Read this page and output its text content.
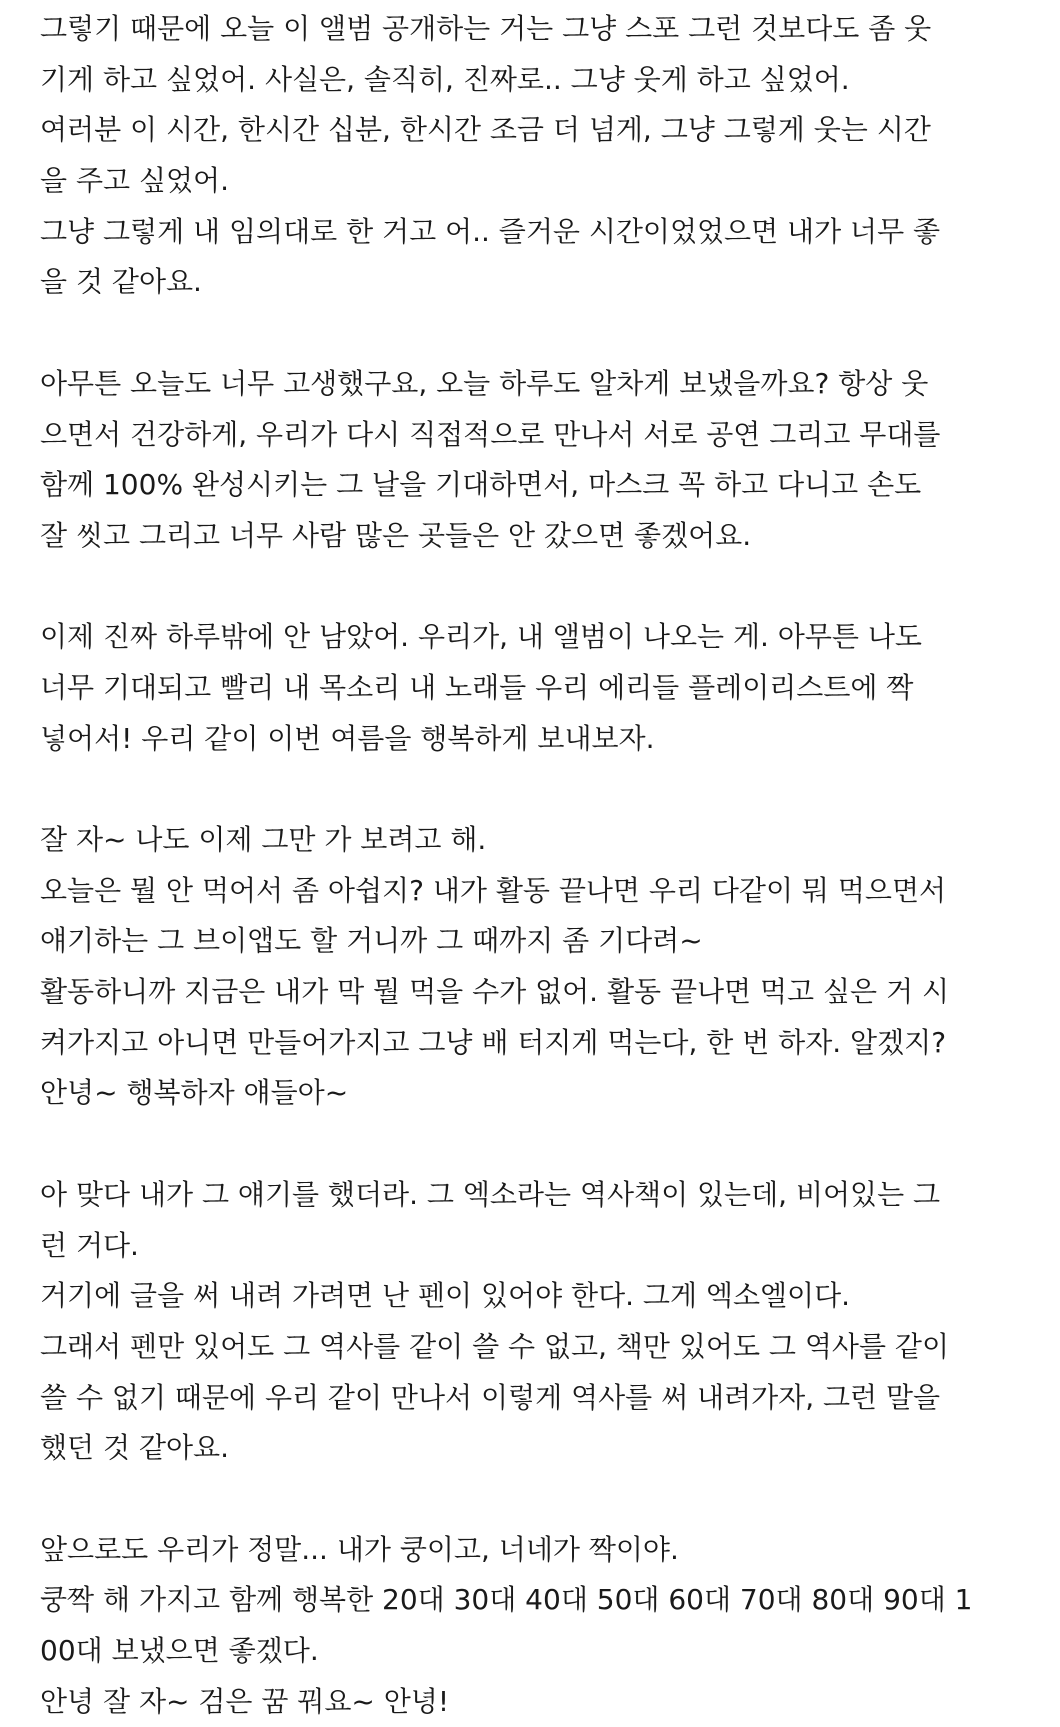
그렇기 때문에 오늘 이 앨범 공개하는 거는 그냥 스포 그런 것보다도 좀 웃
기게 하고 싶었어. 사실은, 솔직히, 진짜로.. 그냥 웃게 하고 싶었어.
여러분 이 시간, 한시간 십분, 한시간 조금 더 넘게, 그냥 그렇게 웃는 시간
을 주고 싶었어.
그냥 그렇게 내 임의대로 한 거고 어.. 즐거운 시간이었었으면 내가 너무 좋
을 것 같아요.
아무튼 오늘도 너무 고생했구요, 오늘 하루도 알차게 보냈을까요? 항상 웃
으면서 건강하게, 우리가 다시 직접적으로 만나서 서로 공연 그리고 무대를
함께 100% 완성시키는 그 날을 기대하면서, 마스크 꼭 하고 다니고 손도
잘 씻고 그리고 너무 사람 많은 곳들은 안 갔으면 좋겠어요.
이제 진짜 하루밖에 안 남았어. 우리가, 내 앨범이 나오는 게. 아무튼 나도
너무 기대되고 빨리 내 목소리 내 노래들 우리 에리들 플레이리스트에 짝
넣어서! 우리 같이 이번 여름을 행복하게 보내보자.
잘 자~ 나도 이제 그만 가 보려고 해.
오늘은 뭘 안 먹어서 좀 아쉽지? 내가 활동 끝나면 우리 다같이 뭐 먹으면서
얘기하는 그 브이앱도 할 거니까 그 때까지 좀 기다려~
활동하니까 지금은 내가 막 뭘 먹을 수가 없어. 활동 끝나면 먹고 싶은 거 시
켜가지고 아니면 만들어가지고 그냥 배 터지게 먹는다, 한 번 하자. 알겠지?
안녕~ 행복하자 얘들아~
아 맞다 내가 그 얘기를 했더라. 그 엑소라는 역사책이 있는데, 비어있는 그
런 거다.
거기에 글을 써 내려 가려면 난 펜이 있어야 한다. 그게 엑소엘이다.
그래서 펜만 있어도 그 역사를 같이 쓸 수 없고, 책만 있어도 그 역사를 같이
쓸 수 없기 때문에 우리 같이 만나서 이렇게 역사를 써 내려가자, 그런 말을
했던 것 같아요.
앞으로도 우리가 정말... 내가 쿵이고, 너네가 짝이야.
쿵짝 해 가지고 함께 행복한 20대 30대 40대 50대 60대 70대 80대 90대 1
00대 보냈으면 좋겠다.
안녕 잘 자~ 검은 꿈 꿔요~ 안녕!
